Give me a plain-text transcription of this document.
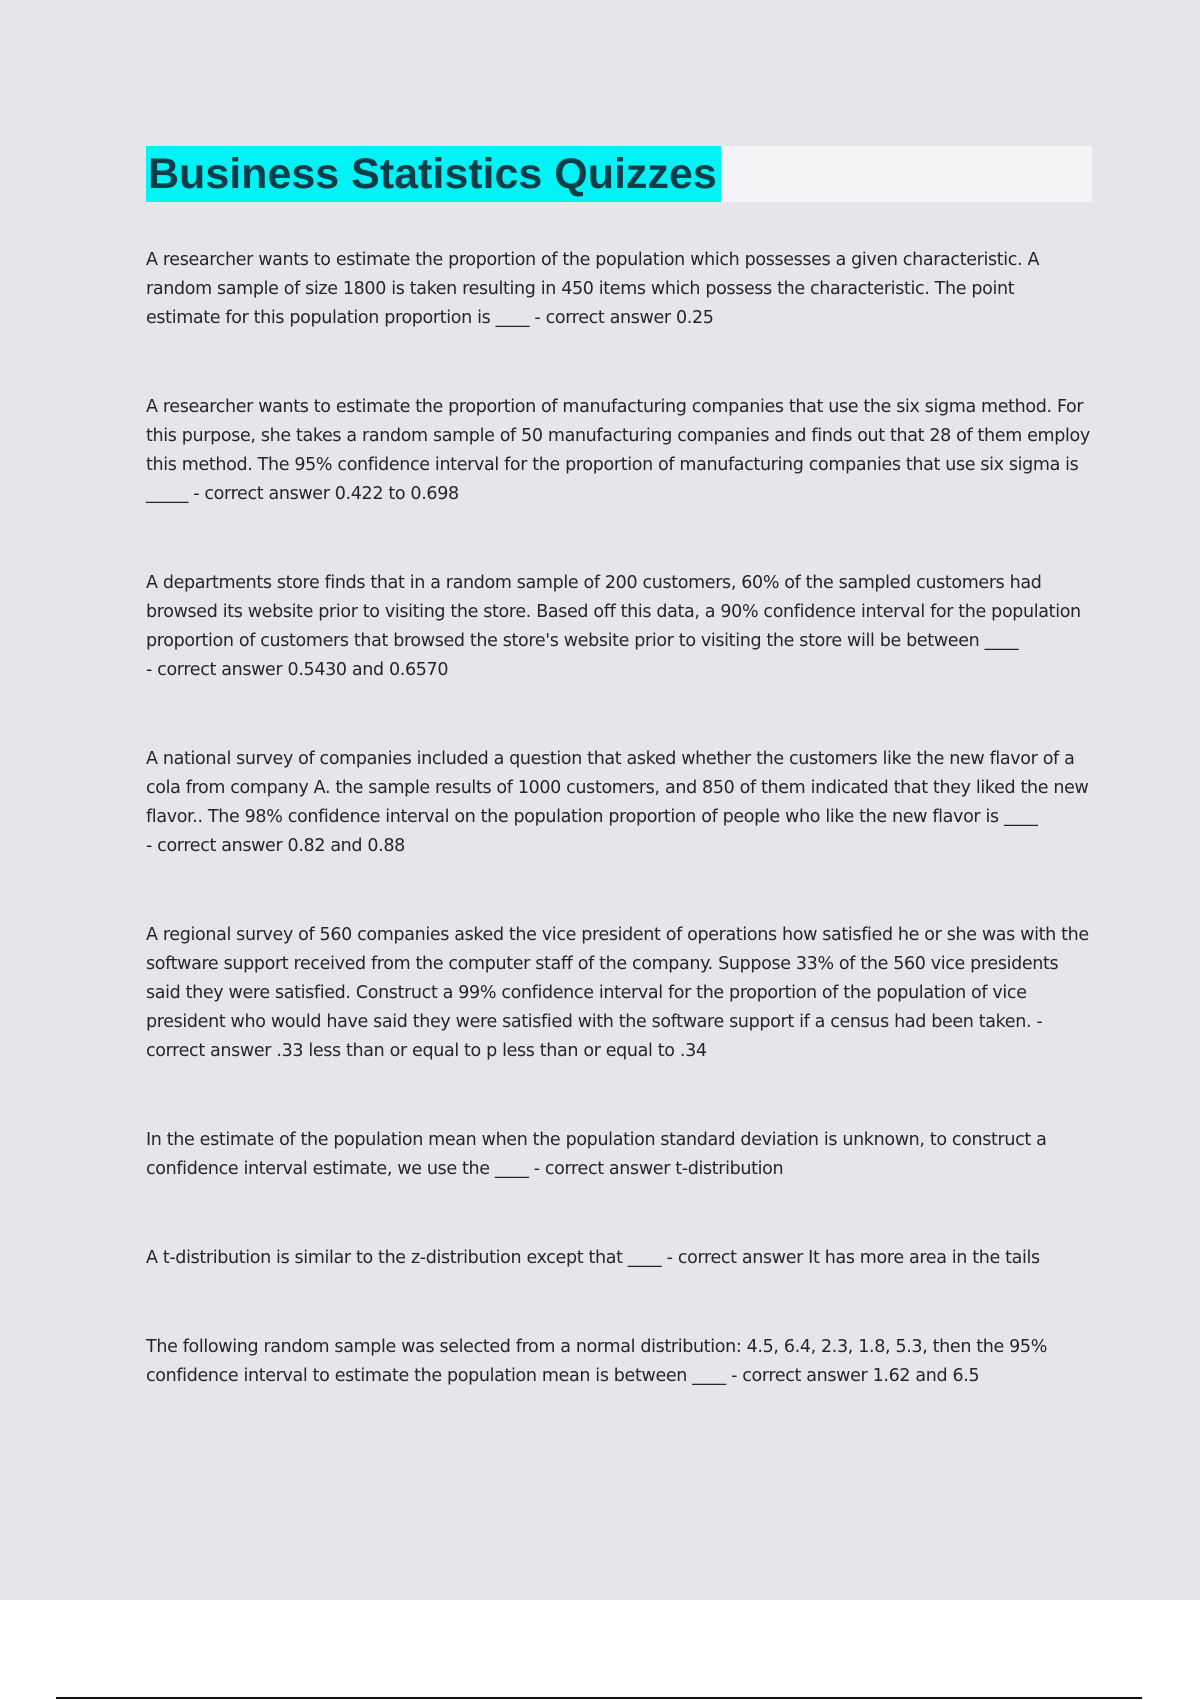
Business Statistics Quizzes

A researcher wants to estimate the proportion of the population which possesses a given characteristic. A random sample of size 1800 is taken resulting in 450 items which possess the characteristic. The point estimate for this population proportion is ____ - correct answer 0.25

A researcher wants to estimate the proportion of manufacturing companies that use the six sigma method. For this purpose, she takes a random sample of 50 manufacturing companies and finds out that 28 of them employ this method. The 95% confidence interval for the proportion of manufacturing companies that use six sigma is _____ - correct answer 0.422 to 0.698

A departments store finds that in a random sample of 200 customers, 60% of the sampled customers had browsed its website prior to visiting the store. Based off this data, a 90% confidence interval for the population proportion of customers that browsed the store's website prior to visiting the store will be between ____ - correct answer 0.5430 and 0.6570

A national survey of companies included a question that asked whether the customers like the new flavor of a cola from company A. the sample results of 1000 customers, and 850 of them indicated that they liked the new flavor.. The 98% confidence interval on the population proportion of people who like the new flavor is ____ - correct answer 0.82 and 0.88

A regional survey of 560 companies asked the vice president of operations how satisfied he or she was with the software support received from the computer staff of the company. Suppose 33% of the 560 vice presidents said they were satisfied. Construct a 99% confidence interval for the proportion of the population of vice president who would have said they were satisfied with the software support if a census had been taken. - correct answer .33 less than or equal to p less than or equal to .34

In the estimate of the population mean when the population standard deviation is unknown, to construct a confidence interval estimate, we use the ____ - correct answer t-distribution

A t-distribution is similar to the z-distribution except that ____ - correct answer It has more area in the tails

The following random sample was selected from a normal distribution: 4.5, 6.4, 2.3, 1.8, 5.3, then the 95% confidence interval to estimate the population mean is between ____ - correct answer 1.62 and 6.5
